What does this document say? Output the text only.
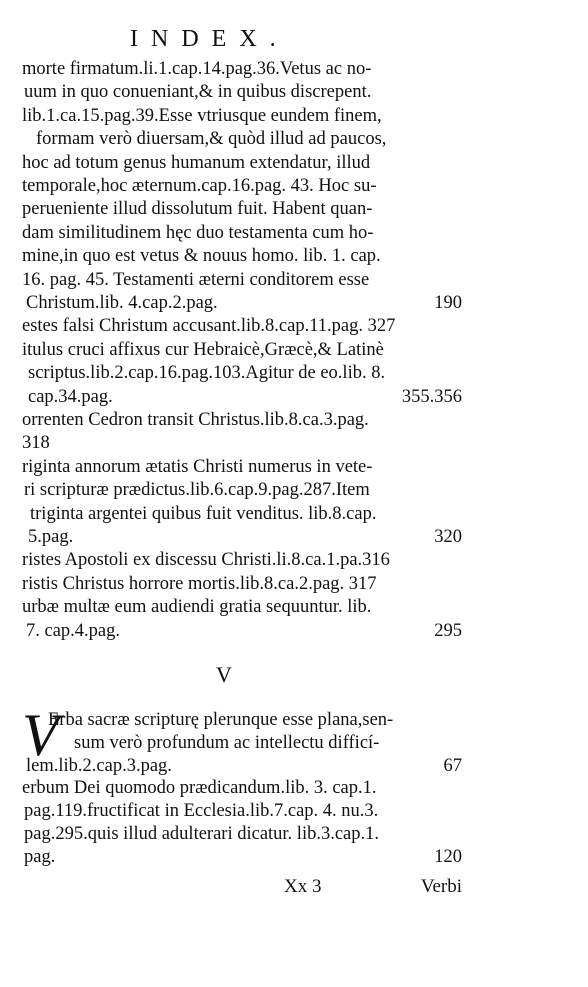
INDEX.
morte firmatum.li.1.cap.14.pag.36.Vetus ac no-
uum in quo conueniant,& in quibus discrepent.
lib.1.ca.15.pag.39.Esse vtriusque eundem finem,
formam verò diuersam,& quòd illud ad paucos,
hoc ad totum genus humanum extendatur, illud
temporale,hoc æternum.cap.16.pag. 43. Hoc su-
perueniente illud dissolutum fuit. Habent quan-
dam similitudinem hęc duo testamenta cum ho-
mine,in quo est vetus & nouus homo. lib. 1. cap.
16. pag. 45. Testamenti æterni conditorem esse
Christum.lib. 4.cap.2.pag.	190
estes falsi Christum accusant.lib.8.cap.11.pag. 327
itulus cruci affixus cur Hebraicè,Græcè,& Latinè
scriptus.lib.2.cap.16.pag.103.Agitur de eo.lib. 8.
cap.34.pag.	355.356
orrenten Cedron transit Christus.lib.8.ca.3.pag.
318
riginta annorum ætatis Christi numerus in vete-
ri scripturæ prædictus.lib.6.cap.9.pag.287.Item
triginta argentei quibus fuit venditus. lib.8.cap.
5.pag.	320
ristes Apostoli ex discessu Christi.li.8.ca.1.pa.316
ristis Christus horrore mortis.lib.8.ca.2.pag. 317
urbæ multæ eum audiendi gratia sequuntur. lib.
7. cap.4.pag.	295
V
V
Erba sacræ scripturę plerunque esse plana,sen-
sum verò profundum ac intellectu difficí-
lem.lib.2.cap.3.pag.	67
erbum Dei quomodo prædicandum.lib. 3. cap.1.
pag.119.fructificat in Ecclesia.lib.7.cap. 4. nu.3.
pag.295.quis illud adulterari dicatur. lib.3.cap.1.
pag.	120
Xx 3	Verbi
